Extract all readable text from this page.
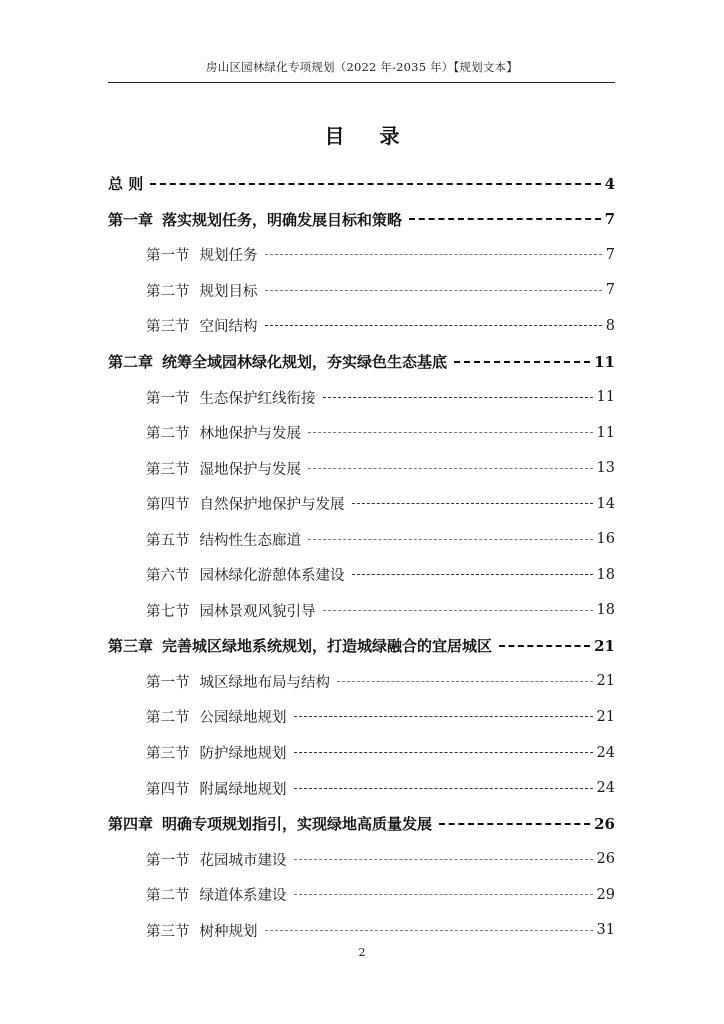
房山区园林绿化专项规划（2022 年-2035 年）【规划文本】
目 录
总 则	4
第一章 落实规划任务，明确发展目标和策略	7
第一节 规划任务	7
第二节 规划目标	7
第三节 空间结构	8
第二章 统筹全域园林绿化规划，夯实绿色生态基底	11
第一节 生态保护红线衔接	11
第二节 林地保护与发展	11
第三节 湿地保护与发展	13
第四节 自然保护地保护与发展	14
第五节 结构性生态廊道	16
第六节 园林绿化游憩体系建设	18
第七节 园林景观风貌引导	18
第三章 完善城区绿地系统规划，打造城绿融合的宜居城区	21
第一节 城区绿地布局与结构	21
第二节 公园绿地规划	21
第三节 防护绿地规划	24
第四节 附属绿地规划	24
第四章 明确专项规划指引，实现绿地高质量发展	26
第一节 花园城市建设	26
第二节 绿道体系建设	29
第三节 树种规划	31
2
